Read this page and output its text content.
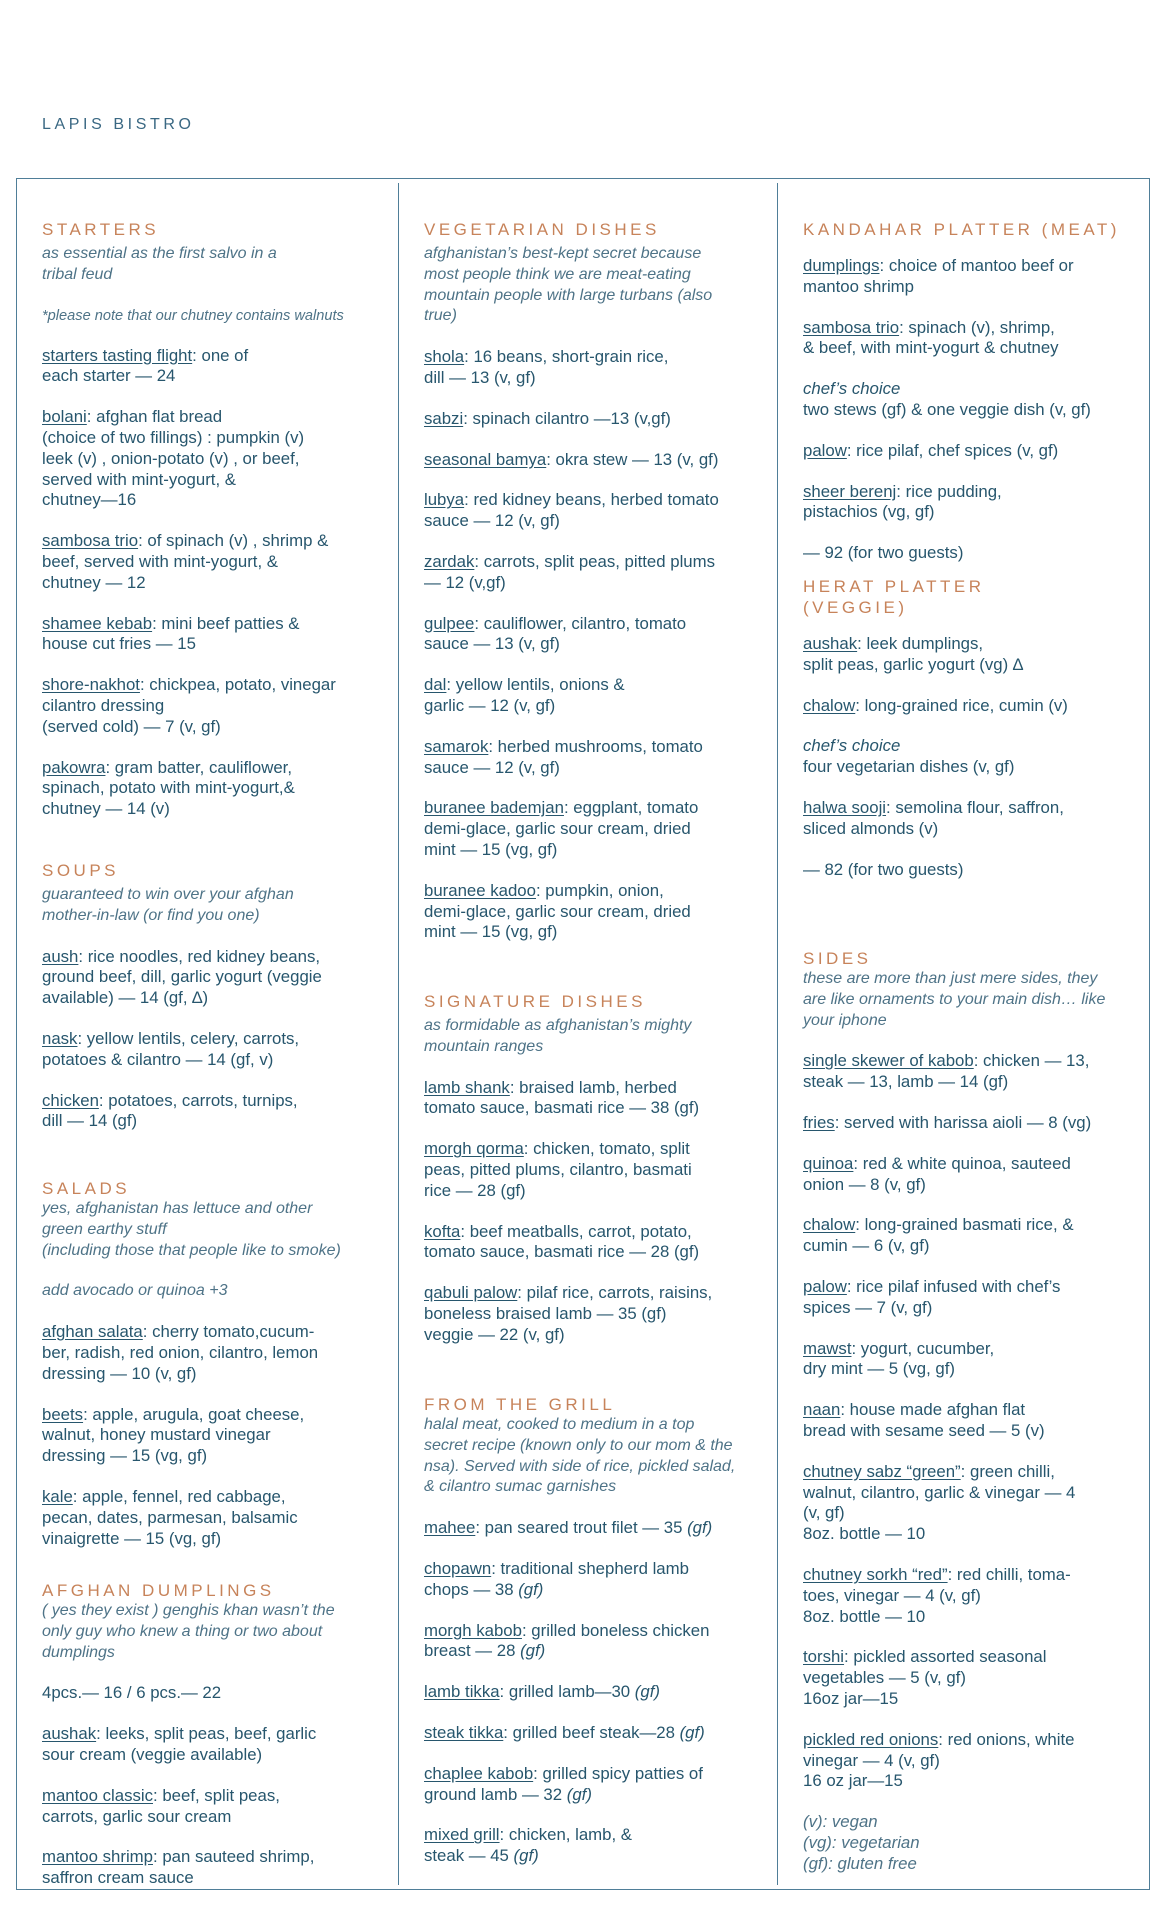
LAPIS BISTRO
STARTERS
as essential as the first salvo in a
tribal feud
*please note that our chutney contains walnuts
starters tasting flight: one of
each starter — 24
bolani: afghan flat bread
(choice of two fillings) : pumpkin (v)
leek (v) , onion-potato (v) , or beef,
served with mint-yogurt, &
chutney—16
sambosa trio: of spinach (v) , shrimp &
beef, served with mint-yogurt, &
chutney — 12
shamee kebab: mini beef patties &
house cut fries — 15
shore-nakhot: chickpea, potato, vinegar
cilantro dressing
(served cold) — 7 (v, gf)
pakowra: gram batter, cauliflower,
spinach, potato with mint-yogurt,&
chutney — 14 (v)
SOUPS
guaranteed to win over your afghan
mother-in-law (or find you one)
aush: rice noodles, red kidney beans,
ground beef, dill, garlic yogurt (veggie
available) — 14 (gf, ∆)
nask: yellow lentils, celery, carrots,
potatoes & cilantro — 14 (gf, v)
chicken: potatoes, carrots, turnips,
dill — 14 (gf)
SALADS
yes, afghanistan has lettuce and other
green earthy stuff
(including those that people like to smoke)
add avocado or quinoa +3
afghan salata: cherry tomato,cucum-
ber, radish, red onion, cilantro, lemon
dressing — 10 (v, gf)
beets: apple, arugula, goat cheese,
walnut, honey mustard vinegar
dressing — 15 (vg, gf)
kale: apple, fennel, red cabbage,
pecan, dates, parmesan, balsamic
vinaigrette — 15 (vg, gf)
AFGHAN DUMPLINGS
( yes they exist ) genghis khan wasn’t the
only guy who knew a thing or two about
dumplings
4pcs.— 16 / 6 pcs.— 22
aushak: leeks, split peas, beef, garlic
sour cream (veggie available)
mantoo classic: beef, split peas,
carrots, garlic sour cream
mantoo shrimp: pan sauteed shrimp,
saffron cream sauce
VEGETARIAN DISHES
afghanistan’s best-kept secret because
most people think we are meat-eating
mountain people with large turbans (also
true)
shola: 16 beans, short-grain rice,
dill — 13 (v, gf)
sabzi: spinach cilantro —13 (v,gf)
seasonal bamya: okra stew — 13 (v, gf)
lubya: red kidney beans, herbed tomato
sauce — 12 (v, gf)
zardak: carrots, split peas, pitted plums
— 12 (v,gf)
gulpee: cauliflower, cilantro, tomato
sauce — 13 (v, gf)
dal: yellow lentils, onions &
garlic — 12 (v, gf)
samarok: herbed mushrooms, tomato
sauce — 12 (v, gf)
buranee bademjan: eggplant, tomato
demi-glace, garlic sour cream, dried
mint — 15 (vg, gf)
buranee kadoo: pumpkin, onion,
demi-glace, garlic sour cream, dried
mint — 15 (vg, gf)
SIGNATURE DISHES
as formidable as afghanistan’s mighty
mountain ranges
lamb shank: braised lamb, herbed
tomato sauce, basmati rice — 38 (gf)
morgh qorma: chicken, tomato, split
peas, pitted plums, cilantro, basmati
rice — 28 (gf)
kofta: beef meatballs, carrot, potato,
tomato sauce, basmati rice — 28 (gf)
qabuli palow: pilaf rice, carrots, raisins,
boneless braised lamb — 35 (gf)
veggie — 22 (v, gf)
FROM THE GRILL
halal meat, cooked to medium in a top
secret recipe (known only to our mom & the
nsa). Served with side of rice, pickled salad,
& cilantro sumac garnishes
mahee: pan seared trout filet — 35 (gf)
chopawn: traditional shepherd lamb
chops — 38 (gf)
morgh kabob: grilled boneless chicken
breast — 28 (gf)
lamb tikka: grilled lamb—30 (gf)
steak tikka: grilled beef steak—28 (gf)
chaplee kabob: grilled spicy patties of
ground lamb — 32 (gf)
mixed grill: chicken, lamb, &
steak — 45 (gf)
KANDAHAR PLATTER (MEAT)
dumplings: choice of mantoo beef or
mantoo shrimp
sambosa trio: spinach (v), shrimp,
& beef, with mint-yogurt & chutney
chef’s choice
two stews (gf) & one veggie dish (v, gf)
palow: rice pilaf, chef spices (v, gf)
sheer berenj: rice pudding,
pistachios (vg, gf)
— 92 (for two guests)
HERAT PLATTER
(VEGGIE)
aushak: leek dumplings,
split peas, garlic yogurt (vg) ∆
chalow: long-grained rice, cumin (v)
chef’s choice
four vegetarian dishes (v, gf)
halwa sooji: semolina flour, saffron,
sliced almonds (v)
— 82 (for two guests)
SIDES
these are more than just mere sides, they
are like ornaments to your main dish… like
your iphone
single skewer of kabob: chicken — 13,
steak — 13, lamb — 14 (gf)
fries: served with harissa aioli — 8 (vg)
quinoa: red & white quinoa, sauteed
onion — 8 (v, gf)
chalow: long-grained basmati rice, &
cumin — 6 (v, gf)
palow: rice pilaf infused with chef’s
spices — 7 (v, gf)
mawst: yogurt, cucumber,
dry mint — 5 (vg, gf)
naan: house made afghan flat
bread with sesame seed — 5 (v)
chutney sabz “green”: green chilli,
walnut, cilantro, garlic & vinegar — 4
(v, gf)
8oz. bottle — 10
chutney sorkh “red”: red chilli, toma-
toes, vinegar — 4 (v, gf)
8oz. bottle — 10
torshi: pickled assorted seasonal
vegetables — 5 (v, gf)
16oz jar—15
pickled red onions: red onions, white
vinegar — 4 (v, gf)
16 oz jar—15
(v): vegan
(vg): vegetarian
(gf): gluten free
